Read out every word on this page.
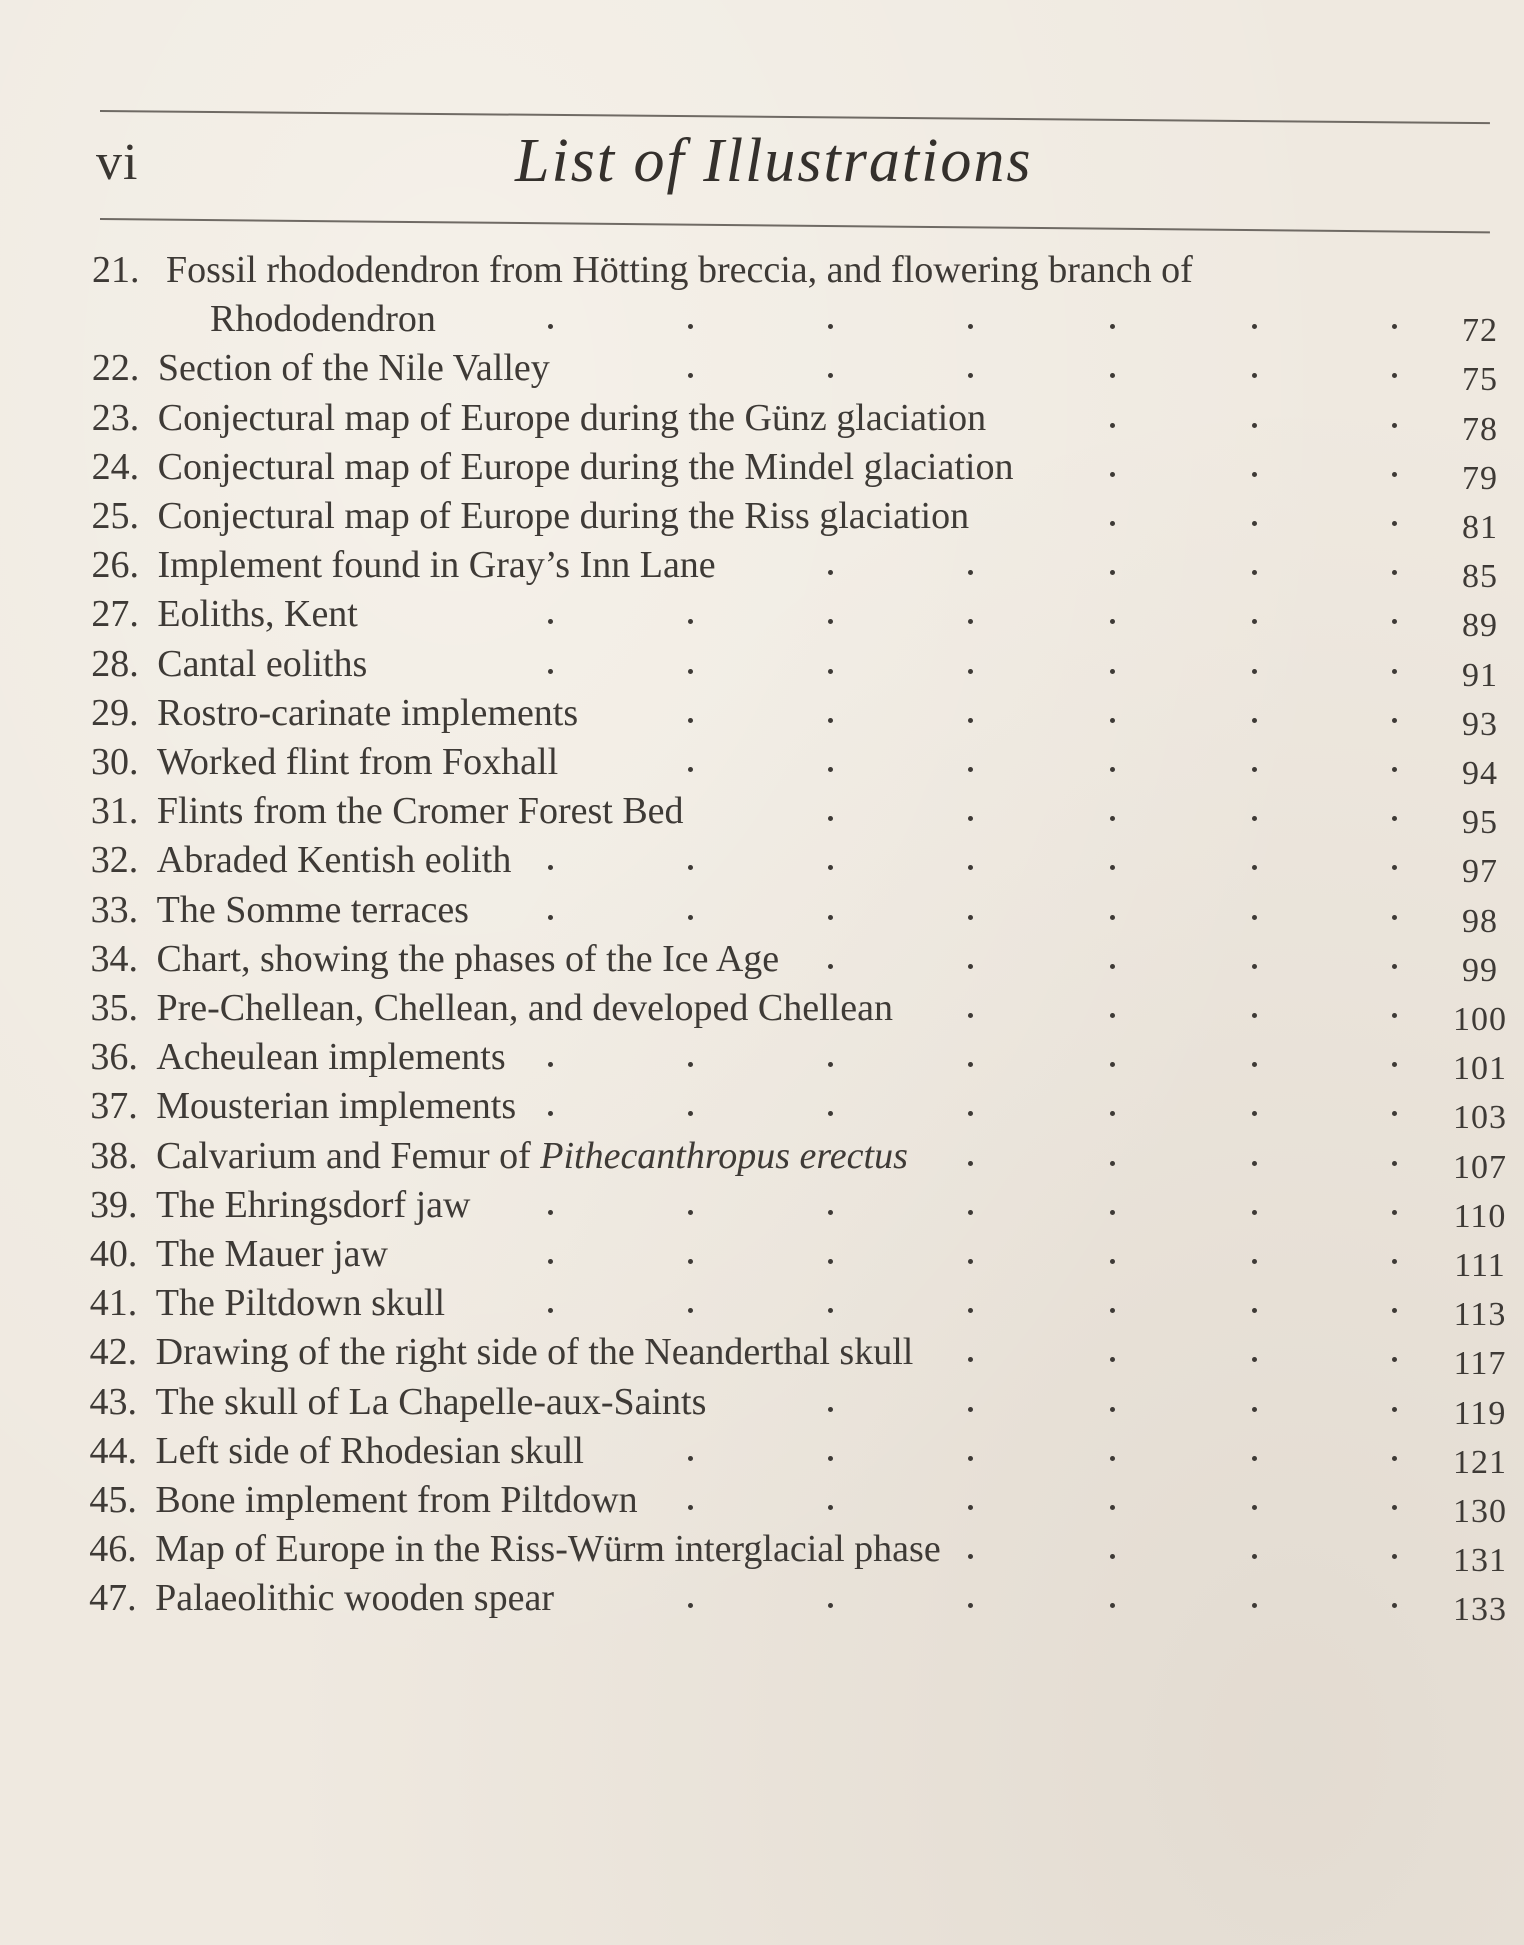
vi	List of Illustrations
21. Fossil rhododendron from Hötting breccia, and flowering branch of
Rhododendron	72
22. Section of the Nile Valley	75
23. Conjectural map of Europe during the Günz glaciation	78
24. Conjectural map of Europe during the Mindel glaciation	79
25. Conjectural map of Europe during the Riss glaciation	81
26. Implement found in Gray’s Inn Lane	85
27. Eoliths, Kent	89
28. Cantal eoliths	91
29. Rostro-carinate implements	93
30. Worked flint from Foxhall	94
31. Flints from the Cromer Forest Bed	95
32. Abraded Kentish eolith	97
33. The Somme terraces	98
34. Chart, showing the phases of the Ice Age	99
35. Pre-Chellean, Chellean, and developed Chellean	100
36. Acheulean implements	101
37. Mousterian implements	103
38. Calvarium and Femur of Pithecanthropus erectus	107
39. The Ehringsdorf jaw	110
40. The Mauer jaw	111
41. The Piltdown skull	113
42. Drawing of the right side of the Neanderthal skull	117
43. The skull of La Chapelle-aux-Saints	119
44. Left side of Rhodesian skull	121
45. Bone implement from Piltdown	130
46. Map of Europe in the Riss-Würm interglacial phase	131
47. Palaeolithic wooden spear	133
